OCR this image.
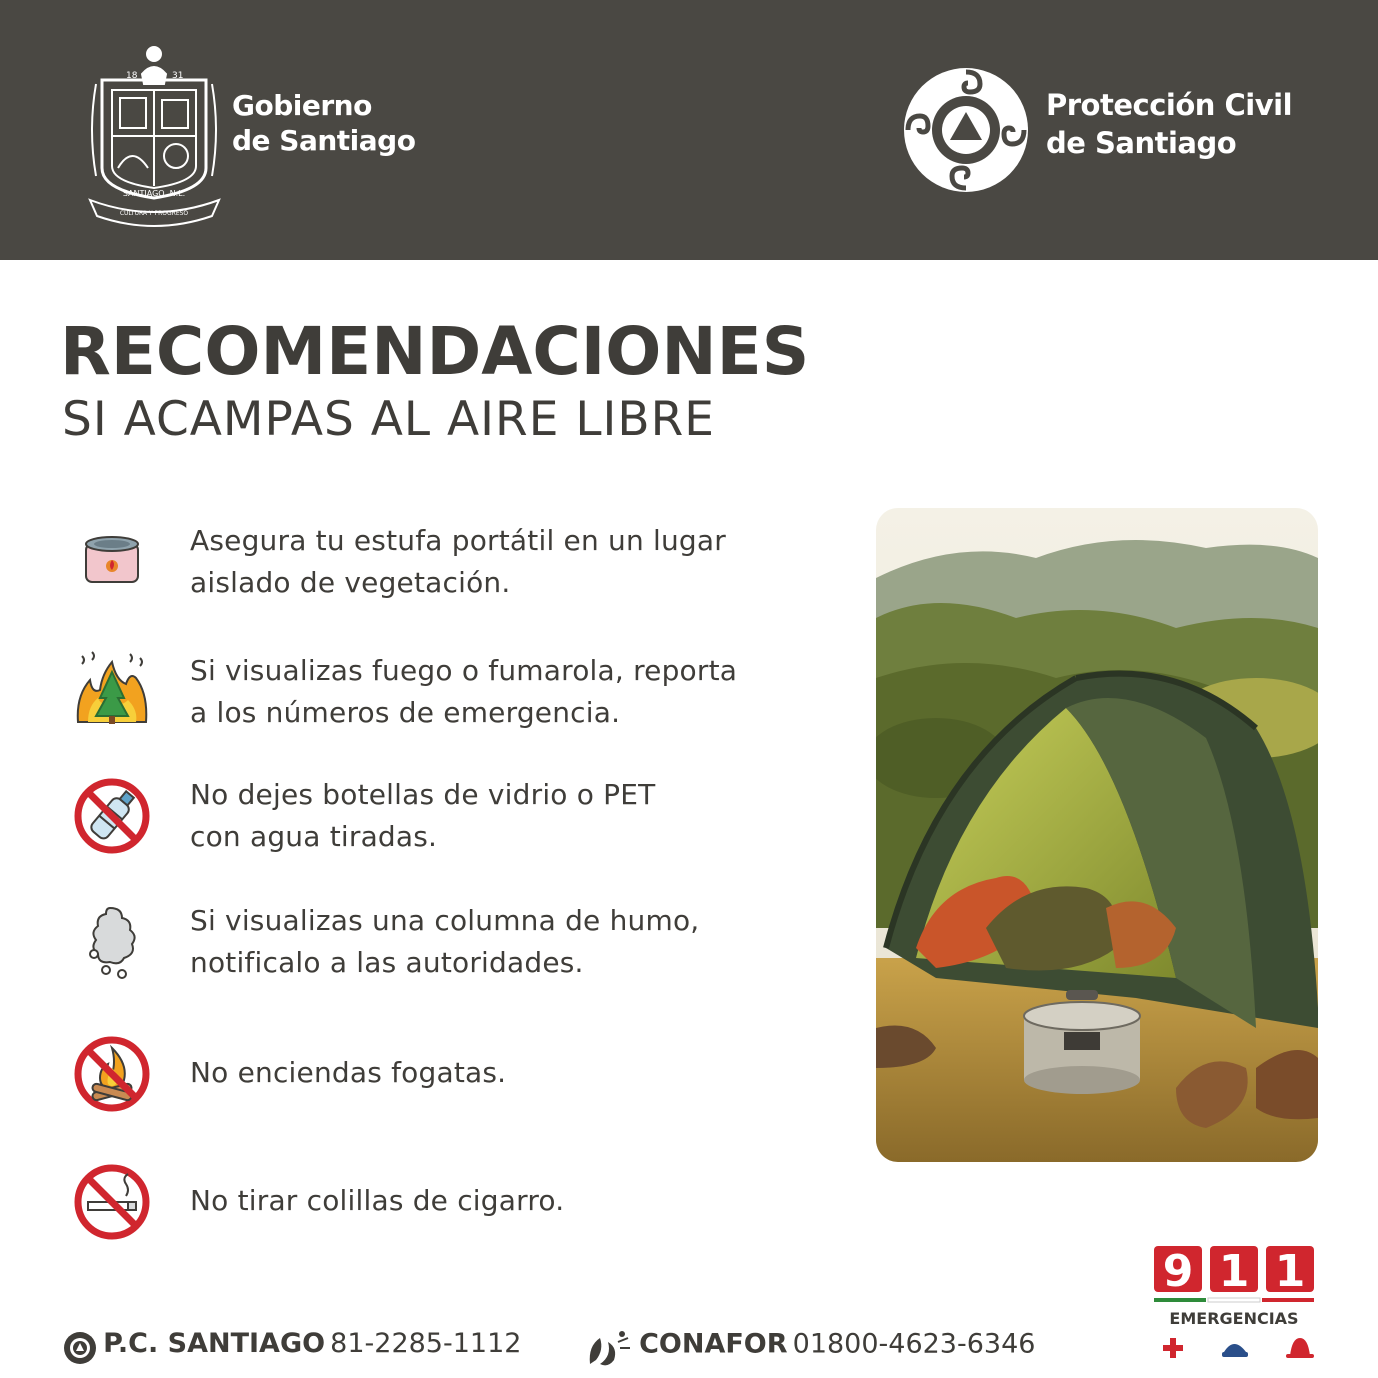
18	31
SANTIAGO, N.L.
CULTURA Y PROGRESO
Gobierno
de Santiago
Protección Civil
de Santiago
RECOMENDACIONES
SI ACAMPAS AL AIRE LIBRE
Asegura tu estufa portátil en un lugar
aislado de vegetación.
Si visualizas fuego o fumarola, reporta
a los números de emergencia.
No dejes botellas de vidrio o PET
con agua tiradas.
Si visualizas una columna de humo,
notificalo a las autoridades.
No enciendas fogatas.
No tirar colillas de cigarro.
P.C. SANTIAGO 81-2285-1112	CONAFOR 01800-4623-6346
9 1 1
EMERGENCIAS
